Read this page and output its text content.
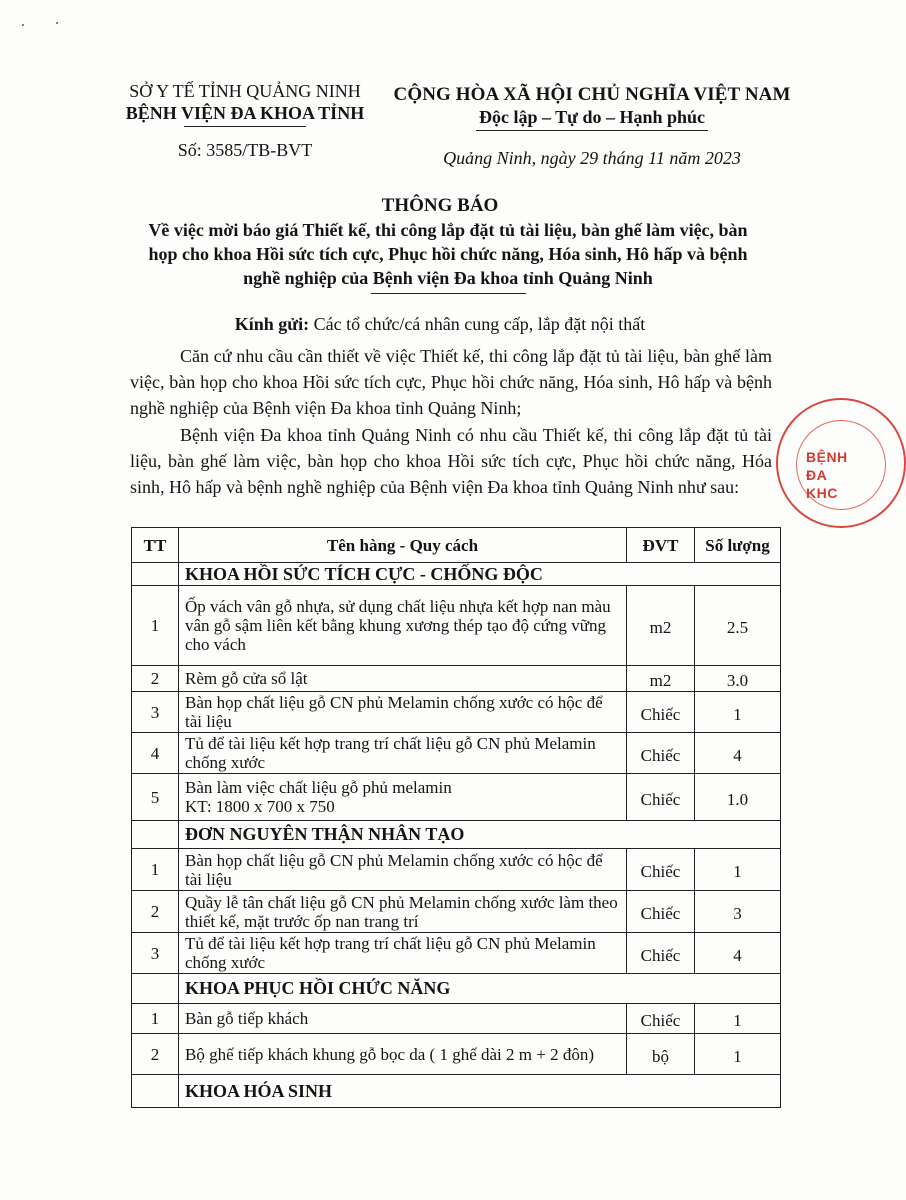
SỞ Y TẾ TỈNH QUẢNG NINH
BỆNH VIỆN ĐA KHOA TỈNH
Số: 3585/TB-BVT
CỘNG HÒA XÃ HỘI CHỦ NGHĨA VIỆT NAM
Độc lập – Tự do – Hạnh phúc
Quảng Ninh, ngày 29 tháng 11 năm 2023
THÔNG BÁO
Về việc mời báo giá Thiết kế, thi công lắp đặt tủ tài liệu, bàn ghế làm việc, bàn
họp cho khoa Hồi sức tích cực, Phục hồi chức năng, Hóa sinh, Hô hấp và bệnh
nghề nghiệp của Bệnh viện Đa khoa tỉnh Quảng Ninh
Kính gửi: Các tổ chức/cá nhân cung cấp, lắp đặt nội thất
Căn cứ nhu cầu cần thiết về việc Thiết kế, thi công lắp đặt tủ tài liệu, bàn ghế làm việc, bàn họp cho khoa Hồi sức tích cực, Phục hồi chức năng, Hóa sinh, Hô hấp và bệnh nghề nghiệp của Bệnh viện Đa khoa tỉnh Quảng Ninh;
Bệnh viện Đa khoa tỉnh Quảng Ninh có nhu cầu Thiết kế, thi công lắp đặt tủ tài liệu, bàn ghế làm việc, bàn họp cho khoa Hồi sức tích cực, Phục hồi chức năng, Hóa sinh, Hô hấp và bệnh nghề nghiệp của Bệnh viện Đa khoa tỉnh Quảng Ninh như sau:
BỆNH
ĐA KHC
TT	Tên hàng - Quy cách	ĐVT	Số lượng
	KHOA HỒI SỨC TÍCH CỰC - CHỐNG ĐỘC		
1	Ốp vách vân gỗ nhựa, sử dụng chất liệu nhựa kết hợp nan màu vân gỗ sậm liên kết bằng khung xương thép tạo độ cứng vững cho vách	m2	2.5
2	Rèm gỗ cửa sổ lật	m2	3.0
3	Bàn họp chất liệu gỗ CN phủ Melamin chống xước có hộc để tài liệu	Chiếc	1
4	Tủ để tài liệu kết hợp trang trí chất liệu gỗ CN phủ Melamin chống xước	Chiếc	4
5	Bàn làm việc chất liệu gỗ phủ melamin
KT: 1800 x 700 x 750	Chiếc	1.0
	ĐƠN NGUYÊN THẬN NHÂN TẠO		
1	Bàn họp chất liệu gỗ CN phủ Melamin chống xước có hộc để tài liệu	Chiếc	1
2	Quầy lễ tân chất liệu gỗ CN phủ Melamin chống xước làm theo thiết kế, mặt trước ốp nan trang trí	Chiếc	3
3	Tủ để tài liệu kết hợp trang trí chất liệu gỗ CN phủ Melamin chống xước	Chiếc	4
	KHOA PHỤC HỒI CHỨC NĂNG		
1	Bàn gỗ tiếp khách	Chiếc	1
2	Bộ ghế tiếp khách khung gỗ bọc da ( 1 ghế dài 2 m + 2 đôn)	bộ	1
	KHOA HÓA SINH		
